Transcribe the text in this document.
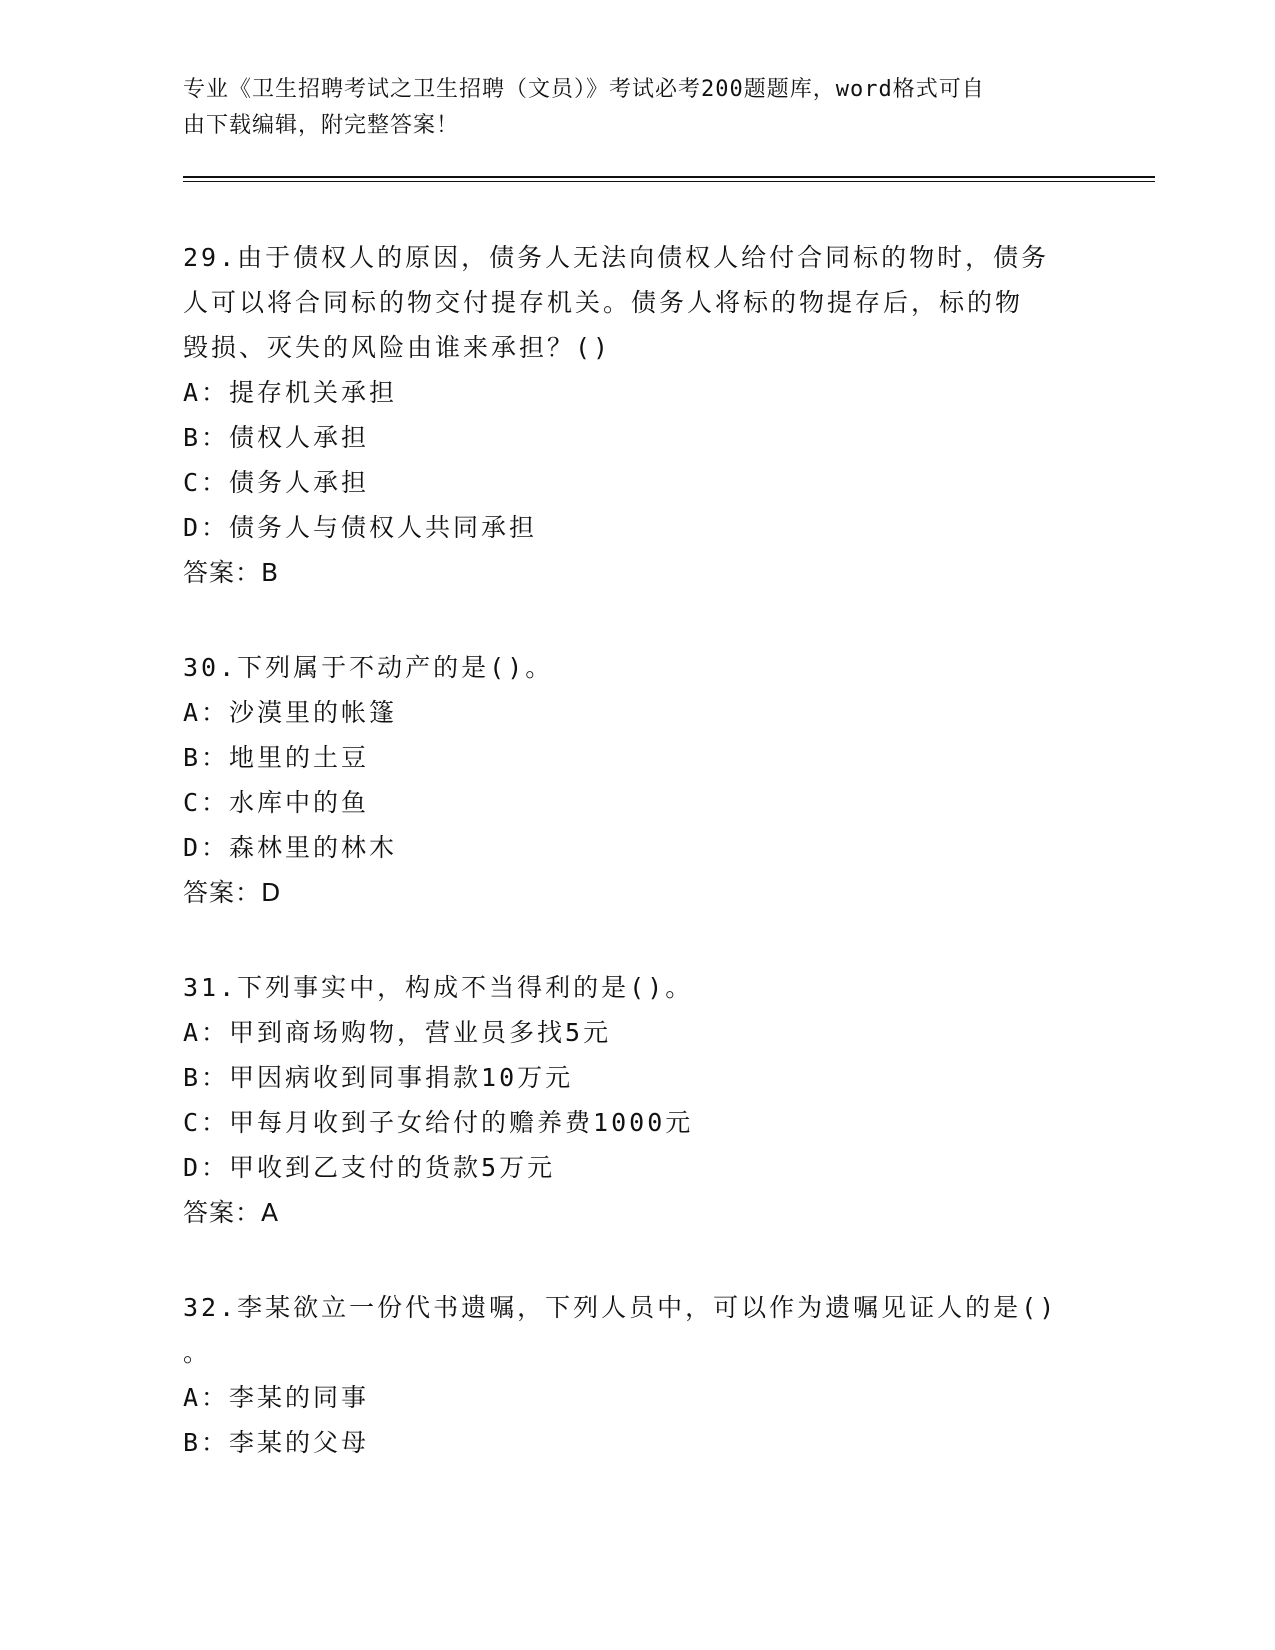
专业《卫生招聘考试之卫生招聘（文员）》考试必考200题题库，word格式可自
由下载编辑，附完整答案！
29.由于债权人的原因，债务人无法向债权人给付合同标的物时，债务
人可以将合同标的物交付提存机关。债务人将标的物提存后，标的物
毁损、灭失的风险由谁来承担？()
A：提存机关承担
B：债权人承担
C：债务人承担
D：债务人与债权人共同承担
答案：B
30.下列属于不动产的是()。
A：沙漠里的帐篷
B：地里的土豆
C：水库中的鱼
D：森林里的林木
答案：D
31.下列事实中，构成不当得利的是()。
A：甲到商场购物，营业员多找5元
B：甲因病收到同事捐款10万元
C：甲每月收到子女给付的赡养费1000元
D：甲收到乙支付的货款5万元
答案：A
32.李某欲立一份代书遗嘱，下列人员中，可以作为遗嘱见证人的是()
。
A：李某的同事
B：李某的父母
